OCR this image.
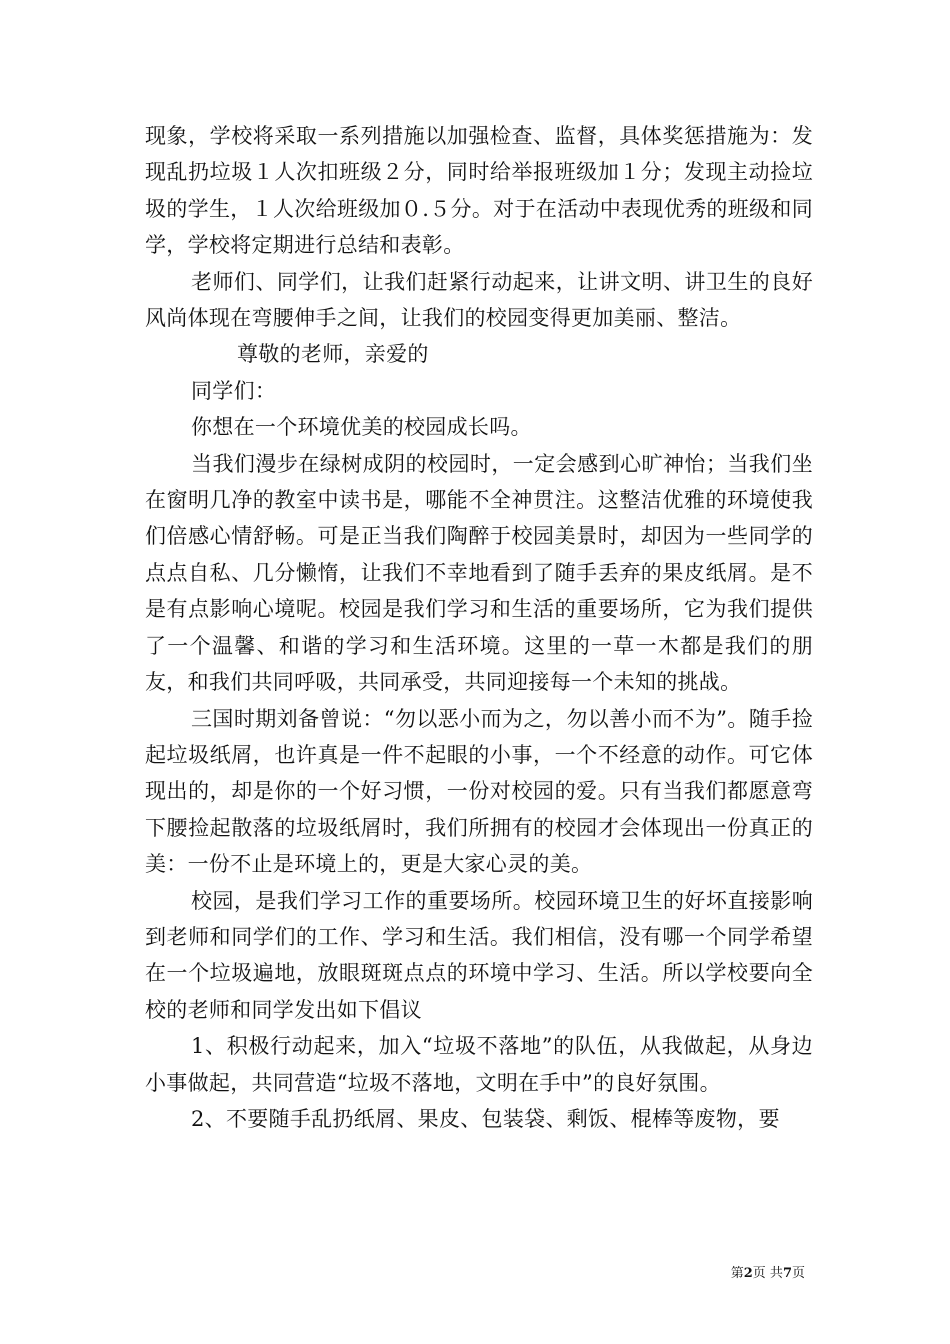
现象，学校将采取一系列措施以加强检查、监督，具体奖惩措施为：发现乱扔垃圾１人次扣班级２分，同时给举报班级加１分；发现主动捡垃圾的学生，１人次给班级加０.５分。对于在活动中表现优秀的班级和同学，学校将定期进行总结和表彰。

老师们、同学们，让我们赶紧行动起来，让讲文明、讲卫生的良好风尚体现在弯腰伸手之间，让我们的校园变得更加美丽、整洁。

尊敬的老师，亲爱的

同学们：

你想在一个环境优美的校园成长吗。

当我们漫步在绿树成阴的校园时，一定会感到心旷神怡；当我们坐在窗明几净的教室中读书是，哪能不全神贯注。这整洁优雅的环境使我们倍感心情舒畅。可是正当我们陶醉于校园美景时，却因为一些同学的点点自私、几分懒惰，让我们不幸地看到了随手丢弃的果皮纸屑。是不是有点影响心境呢。校园是我们学习和生活的重要场所，它为我们提供了一个温馨、和谐的学习和生活环境。这里的一草一木都是我们的朋友，和我们共同呼吸，共同承受，共同迎接每一个未知的挑战。

三国时期刘备曾说：“勿以恶小而为之，勿以善小而不为”。随手捡起垃圾纸屑，也许真是一件不起眼的小事，一个不经意的动作。可它体现出的，却是你的一个好习惯，一份对校园的爱。只有当我们都愿意弯下腰捡起散落的垃圾纸屑时，我们所拥有的校园才会体现出一份真正的美：一份不止是环境上的，更是大家心灵的美。

校园，是我们学习工作的重要场所。校园环境卫生的好坏直接影响到老师和同学们的工作、学习和生活。我们相信，没有哪一个同学希望在一个垃圾遍地，放眼斑斑点点的环境中学习、生活。所以学校要向全校的老师和同学发出如下倡议

1、积极行动起来，加入“垃圾不落地”的队伍，从我做起，从身边小事做起，共同营造“垃圾不落地，文明在手中”的良好氛围。

2、不要随手乱扔纸屑、果皮、包装袋、剩饭、棍棒等废物，要

第2页 共7页
